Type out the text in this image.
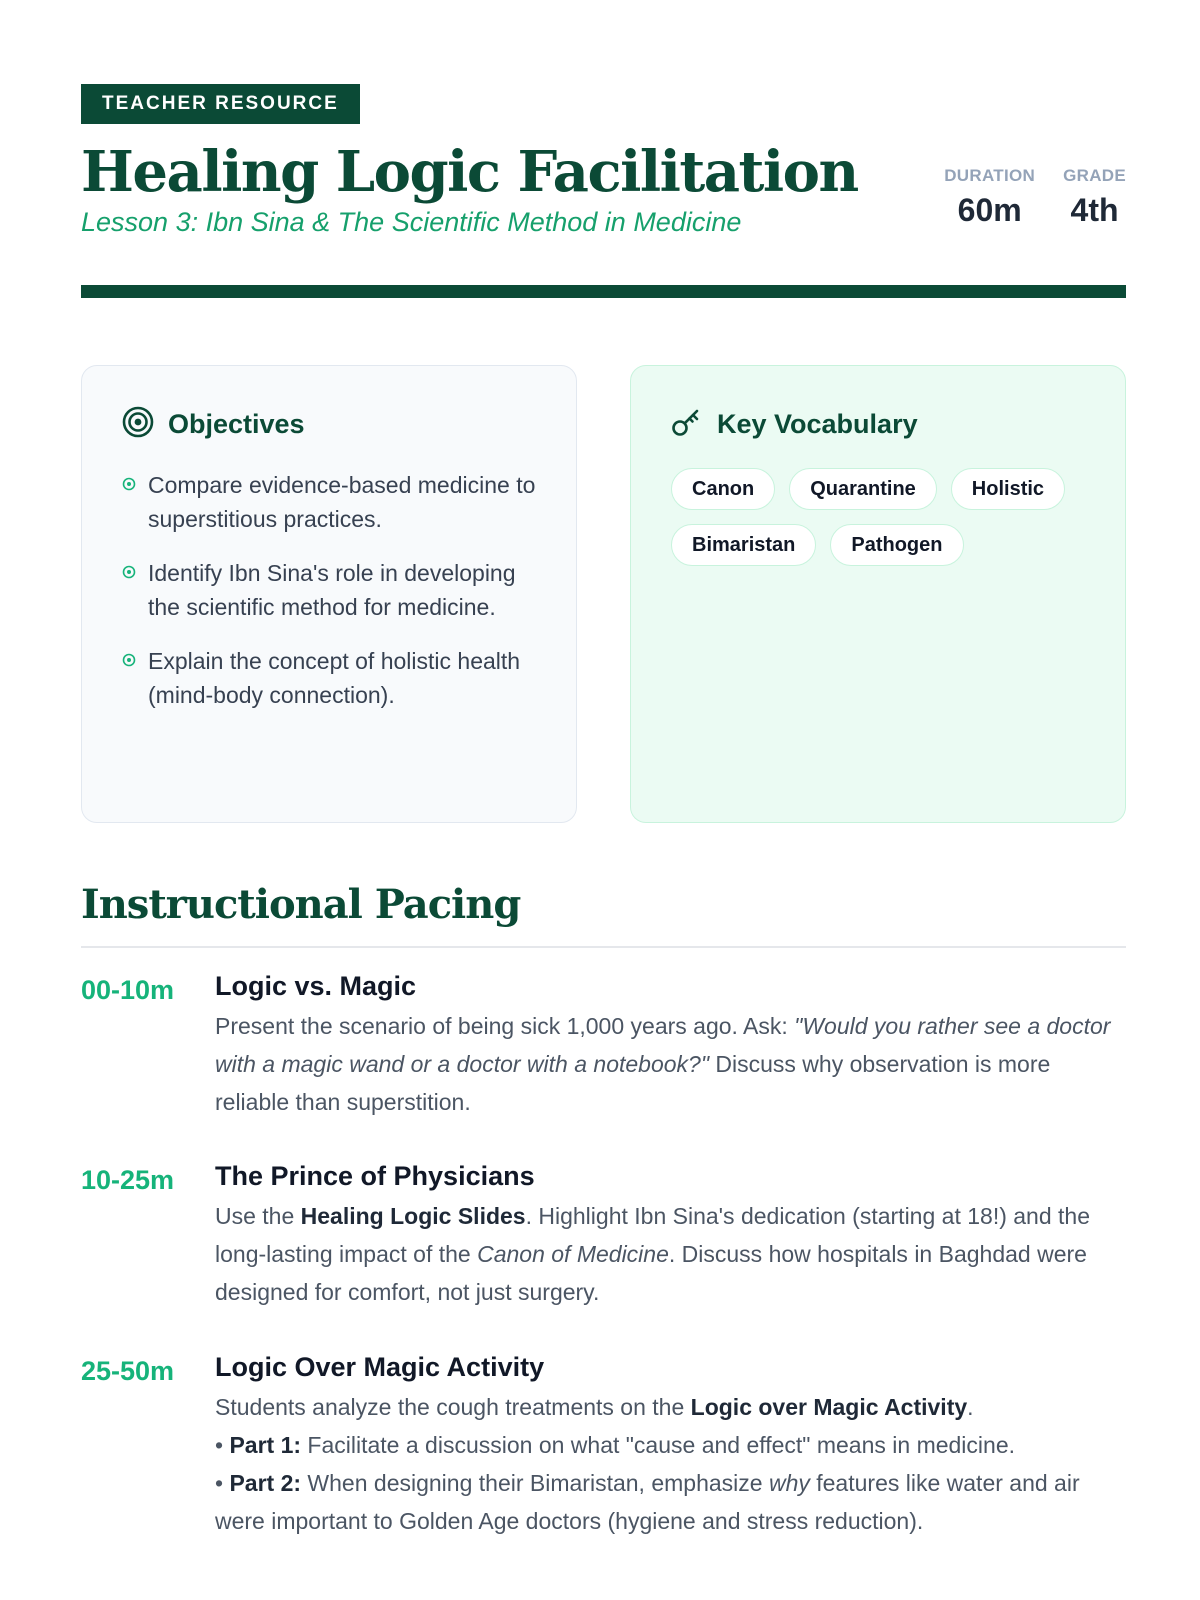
TEACHER RESOURCE
Healing Logic Facilitation
Lesson 3: Ibn Sina & The Scientific Method in Medicine
DURATION
60m
GRADE
4th
Objectives
Compare evidence-based medicine to superstitious practices.
Identify Ibn Sina's role in developing the scientific method for medicine.
Explain the concept of holistic health (mind-body connection).
Key Vocabulary
Canon	Quarantine	Holistic
Bimaristan	Pathogen
Instructional Pacing
00-10m Logic vs. Magic
Present the scenario of being sick 1,000 years ago. Ask: "Would you rather see a doctor with a magic wand or a doctor with a notebook?" Discuss why observation is more reliable than superstition.
10-25m The Prince of Physicians
Use the Healing Logic Slides. Highlight Ibn Sina's dedication (starting at 18!) and the long-lasting impact of the Canon of Medicine. Discuss how hospitals in Baghdad were designed for comfort, not just surgery.
25-50m Logic Over Magic Activity
Students analyze the cough treatments on the Logic over Magic Activity.
• Part 1: Facilitate a discussion on what "cause and effect" means in medicine.
• Part 2: When designing their Bimaristan, emphasize why features like water and air were important to Golden Age doctors (hygiene and stress reduction).
